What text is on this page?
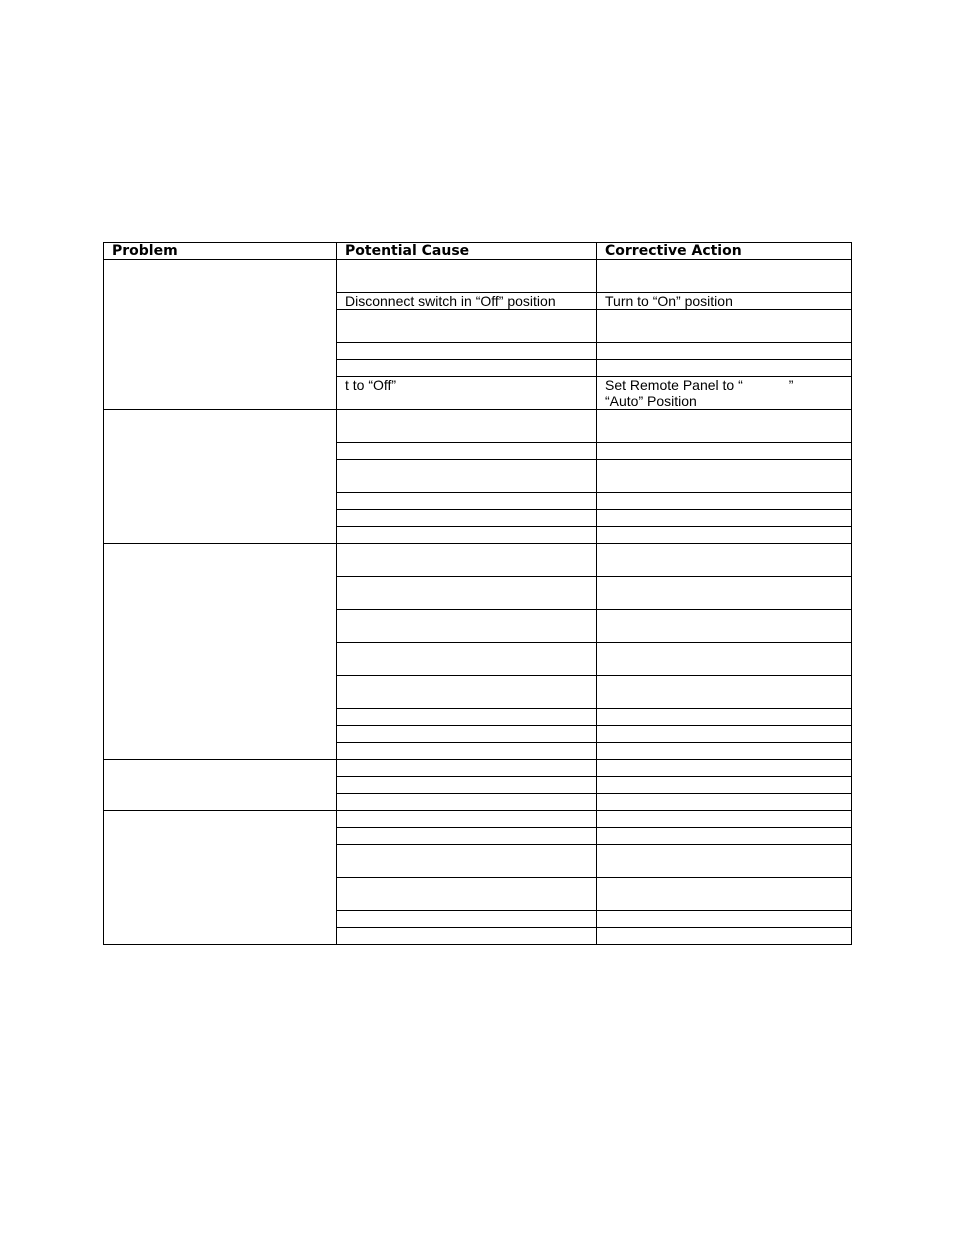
Problem	Potential Cause	Corrective Action

	Disconnect switch in “Off” position	Turn to “On” position

	t to “Off”	Set Remote Panel to “ ”
“Auto” Position
